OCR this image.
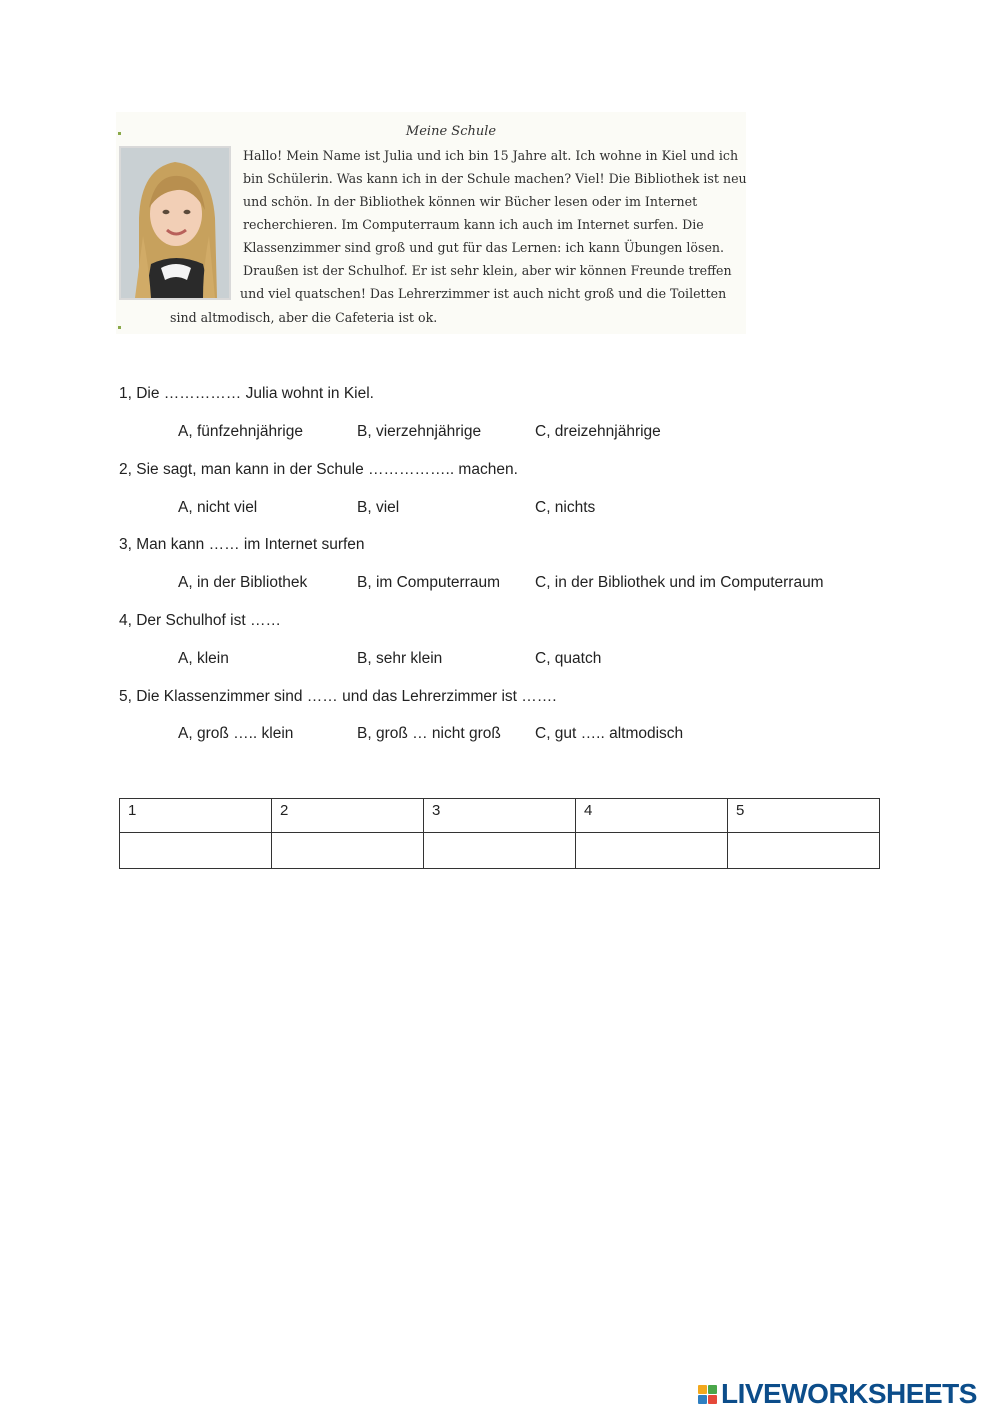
Meine Schule
Hallo! Mein Name ist Julia und ich bin 15 Jahre alt. Ich wohne in Kiel und ich
bin Schülerin. Was kann ich in der Schule machen? Viel! Die Bibliothek ist neu
und schön. In der Bibliothek können wir Bücher lesen oder im Internet
recherchieren. Im Computerraum kann ich auch im Internet surfen. Die
Klassenzimmer sind groß und gut für das Lernen: ich kann Übungen lösen.
Draußen ist der Schulhof. Er ist sehr klein, aber wir können Freunde treffen
und viel quatschen! Das Lehrerzimmer ist auch nicht groß und die Toiletten
sind altmodisch, aber die Cafeteria ist ok.
1, Die …………… Julia wohnt in Kiel.
A, fünfzehnjährige	B, vierzehnjährige	C, dreizehnjährige
2, Sie sagt, man kann in der Schule …………….. machen.
A, nicht viel	B, viel	C, nichts
3, Man kann …… im Internet surfen
A, in der Bibliothek	B, im Computerraum C, in der Bibliothek und im Computerraum
4, Der Schulhof ist ……
A, klein	B, sehr klein	C, quatch
5, Die Klassenzimmer sind …… und das Lehrerzimmer ist …….
A, groß ….. klein	B, groß … nicht groß C, gut ….. altmodisch
1	2	3	4	5

LIVEWORKSHEETS
